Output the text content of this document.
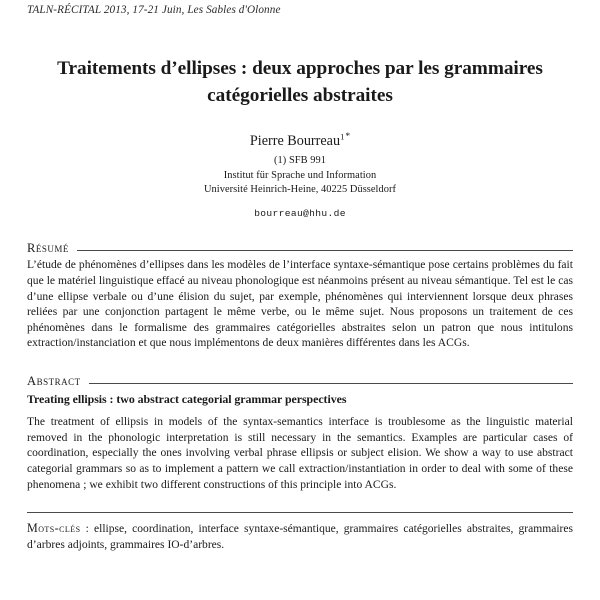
TALN-RÉCITAL 2013, 17-21 Juin, Les Sables d'Olonne
Traitements d’ellipses : deux approches par les grammaires
catégorielles abstraites
Pierre Bourreau$^{1*}$
(1) SFB 991
Institut für Sprache und Information
Université Heinrich-Heine, 40225 Düsseldorf
bourreau@hhu.de
Résumé
L’étude de phénomènes d’ellipses dans les modèles de l’interface syntaxe-sémantique pose certains problèmes du fait que le matériel linguistique effacé au niveau phonologique est néanmoins présent au niveau sémantique. Tel est le cas d’une ellipse verbale ou d’une élision du sujet, par exemple, phénomènes qui interviennent lorsque deux phrases reliées par une conjonction partagent le même verbe, ou le même sujet. Nous proposons un traitement de ces phénomènes dans le formalisme des grammaires catégorielles abstraites selon un patron que nous intitulons extraction/instanciation et que nous implémentons de deux manières différentes dans les ACGs.
Abstract
Treating ellipsis : two abstract categorial grammar perspectives
The treatment of ellipsis in models of the syntax-semantics interface is troublesome as the linguistic material removed in the phonologic interpretation is still necessary in the semantics. Examples are particular cases of coordination, especially the ones involving verbal phrase ellipsis or subject elision. We show a way to use abstract categorial grammars so as to implement a pattern we call extraction/instantiation in order to deal with some of these phenomena ; we exhibit two different constructions of this principle into ACGs.
Mots-clés : ellipse, coordination, interface syntaxe-sémantique, grammaires catégorielles abstraites, grammaires d’arbres adjoints, grammaires IO-d’arbres.
